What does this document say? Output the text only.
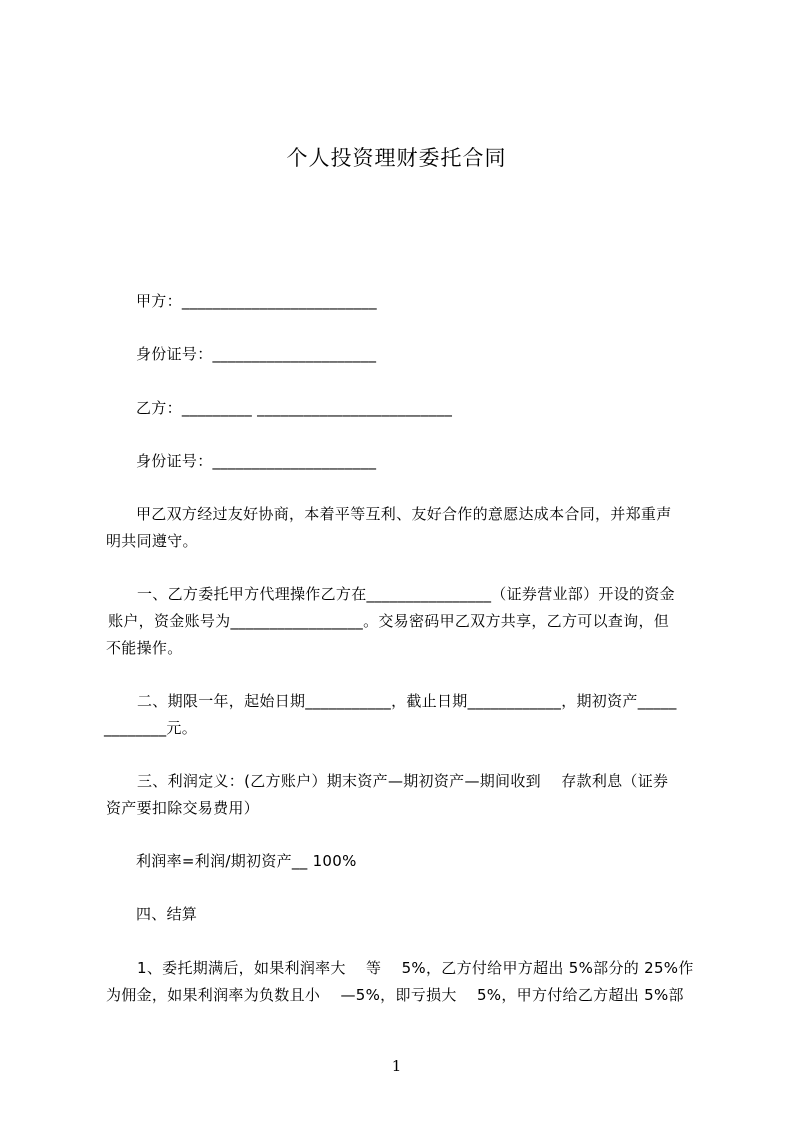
个人投资理财委托合同
甲方：_________________________
身份证号：_____________________
乙方：_________ _________________________
身份证号：_____________________
甲乙双方经过友好协商，本着平等互利、友好合作的意愿达成本合同，并郑重声
明共同遵守。
一、乙方委托甲方代理操作乙方在________________（证券营业部）开设的资金
账户，资金账号为_________________。交易密码甲乙双方共享，乙方可以查询，但
不能操作。
二、期限一年，起始日期___________，截止日期____________，期初资产_____
________元。
三、利润定义：(乙方账户）期末资产—期初资产—期间收到    存款利息（证券
资产要扣除交易费用）
利润率=利润/期初资产__ 100%
四、结算
1、委托期满后，如果利润率大    等    5%，乙方付给甲方超出 5%部分的 25%作
为佣金，如果利润率为负数且小    —5%，即亏损大    5%，甲方付给乙方超出 5%部
1
